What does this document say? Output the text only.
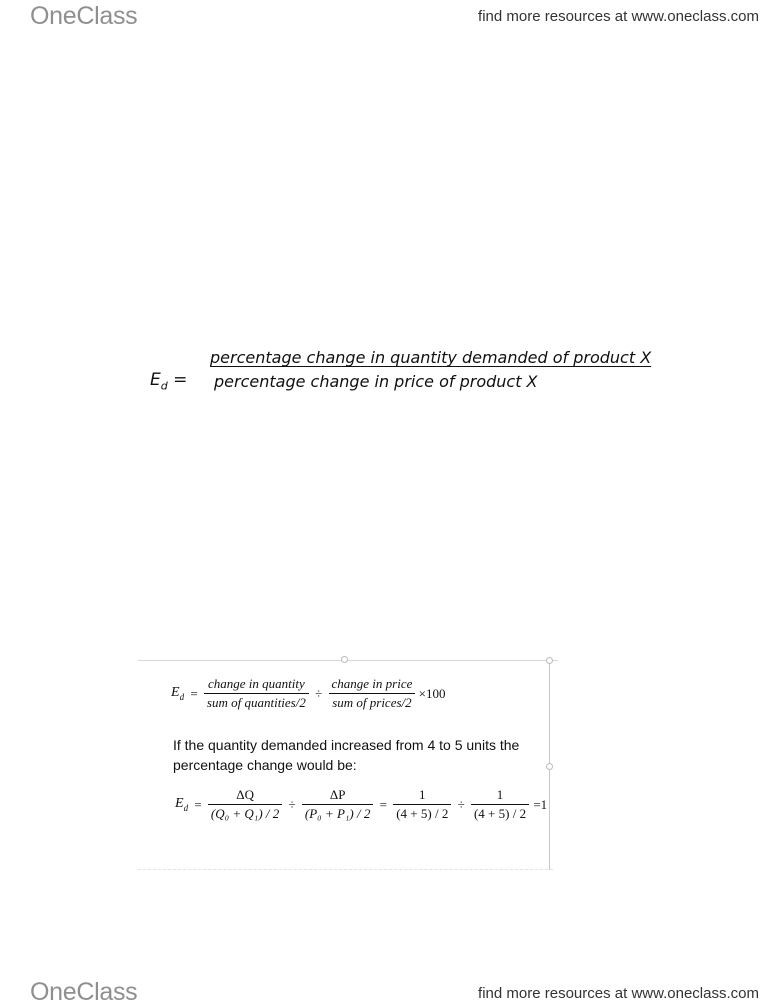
OneClass	find more resources at www.oneclass.com
percentage change in quantity demanded of product X
$E_d$ = percentage change in price of product X
$E_d = \frac{\text{change in quantity}}{\text{sum of quantities/2}} \div \frac{\text{change in price}}{\text{sum of prices/2}} \times 100$
If the quantity demanded increased from 4 to 5 units the percentage change would be:
$E_d = \frac{\Delta Q}{\text{(Q₀ + Q₁) / 2}} \div \frac{\Delta P}{\text{(P₀ + P₁) / 2}} = \frac{1}{(4 + 5) / 2} \div \frac{1}{(4 + 5) / 2} =1$
OneClass	find more resources at www.oneclass.com
